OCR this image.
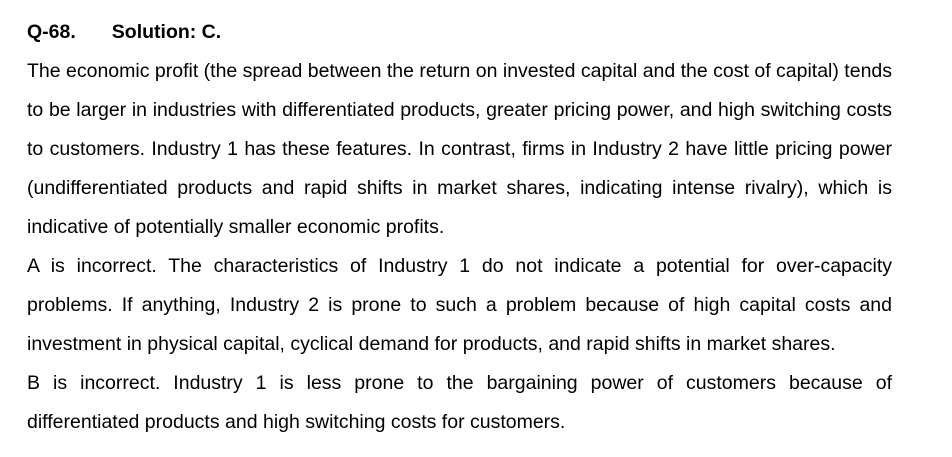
Q-68. Solution: C.

The economic profit (the spread between the return on invested capital and the cost of capital) tends to be larger in industries with differentiated products, greater pricing power, and high switching costs to customers. Industry 1 has these features. In contrast, firms in Industry 2 have little pricing power (undifferentiated products and rapid shifts in market shares, indicating intense rivalry), which is indicative of potentially smaller economic profits.

A is incorrect. The characteristics of Industry 1 do not indicate a potential for over-capacity problems. If anything, Industry 2 is prone to such a problem because of high capital costs and investment in physical capital, cyclical demand for products, and rapid shifts in market shares.

B is incorrect. Industry 1 is less prone to the bargaining power of customers because of differentiated products and high switching costs for customers.
